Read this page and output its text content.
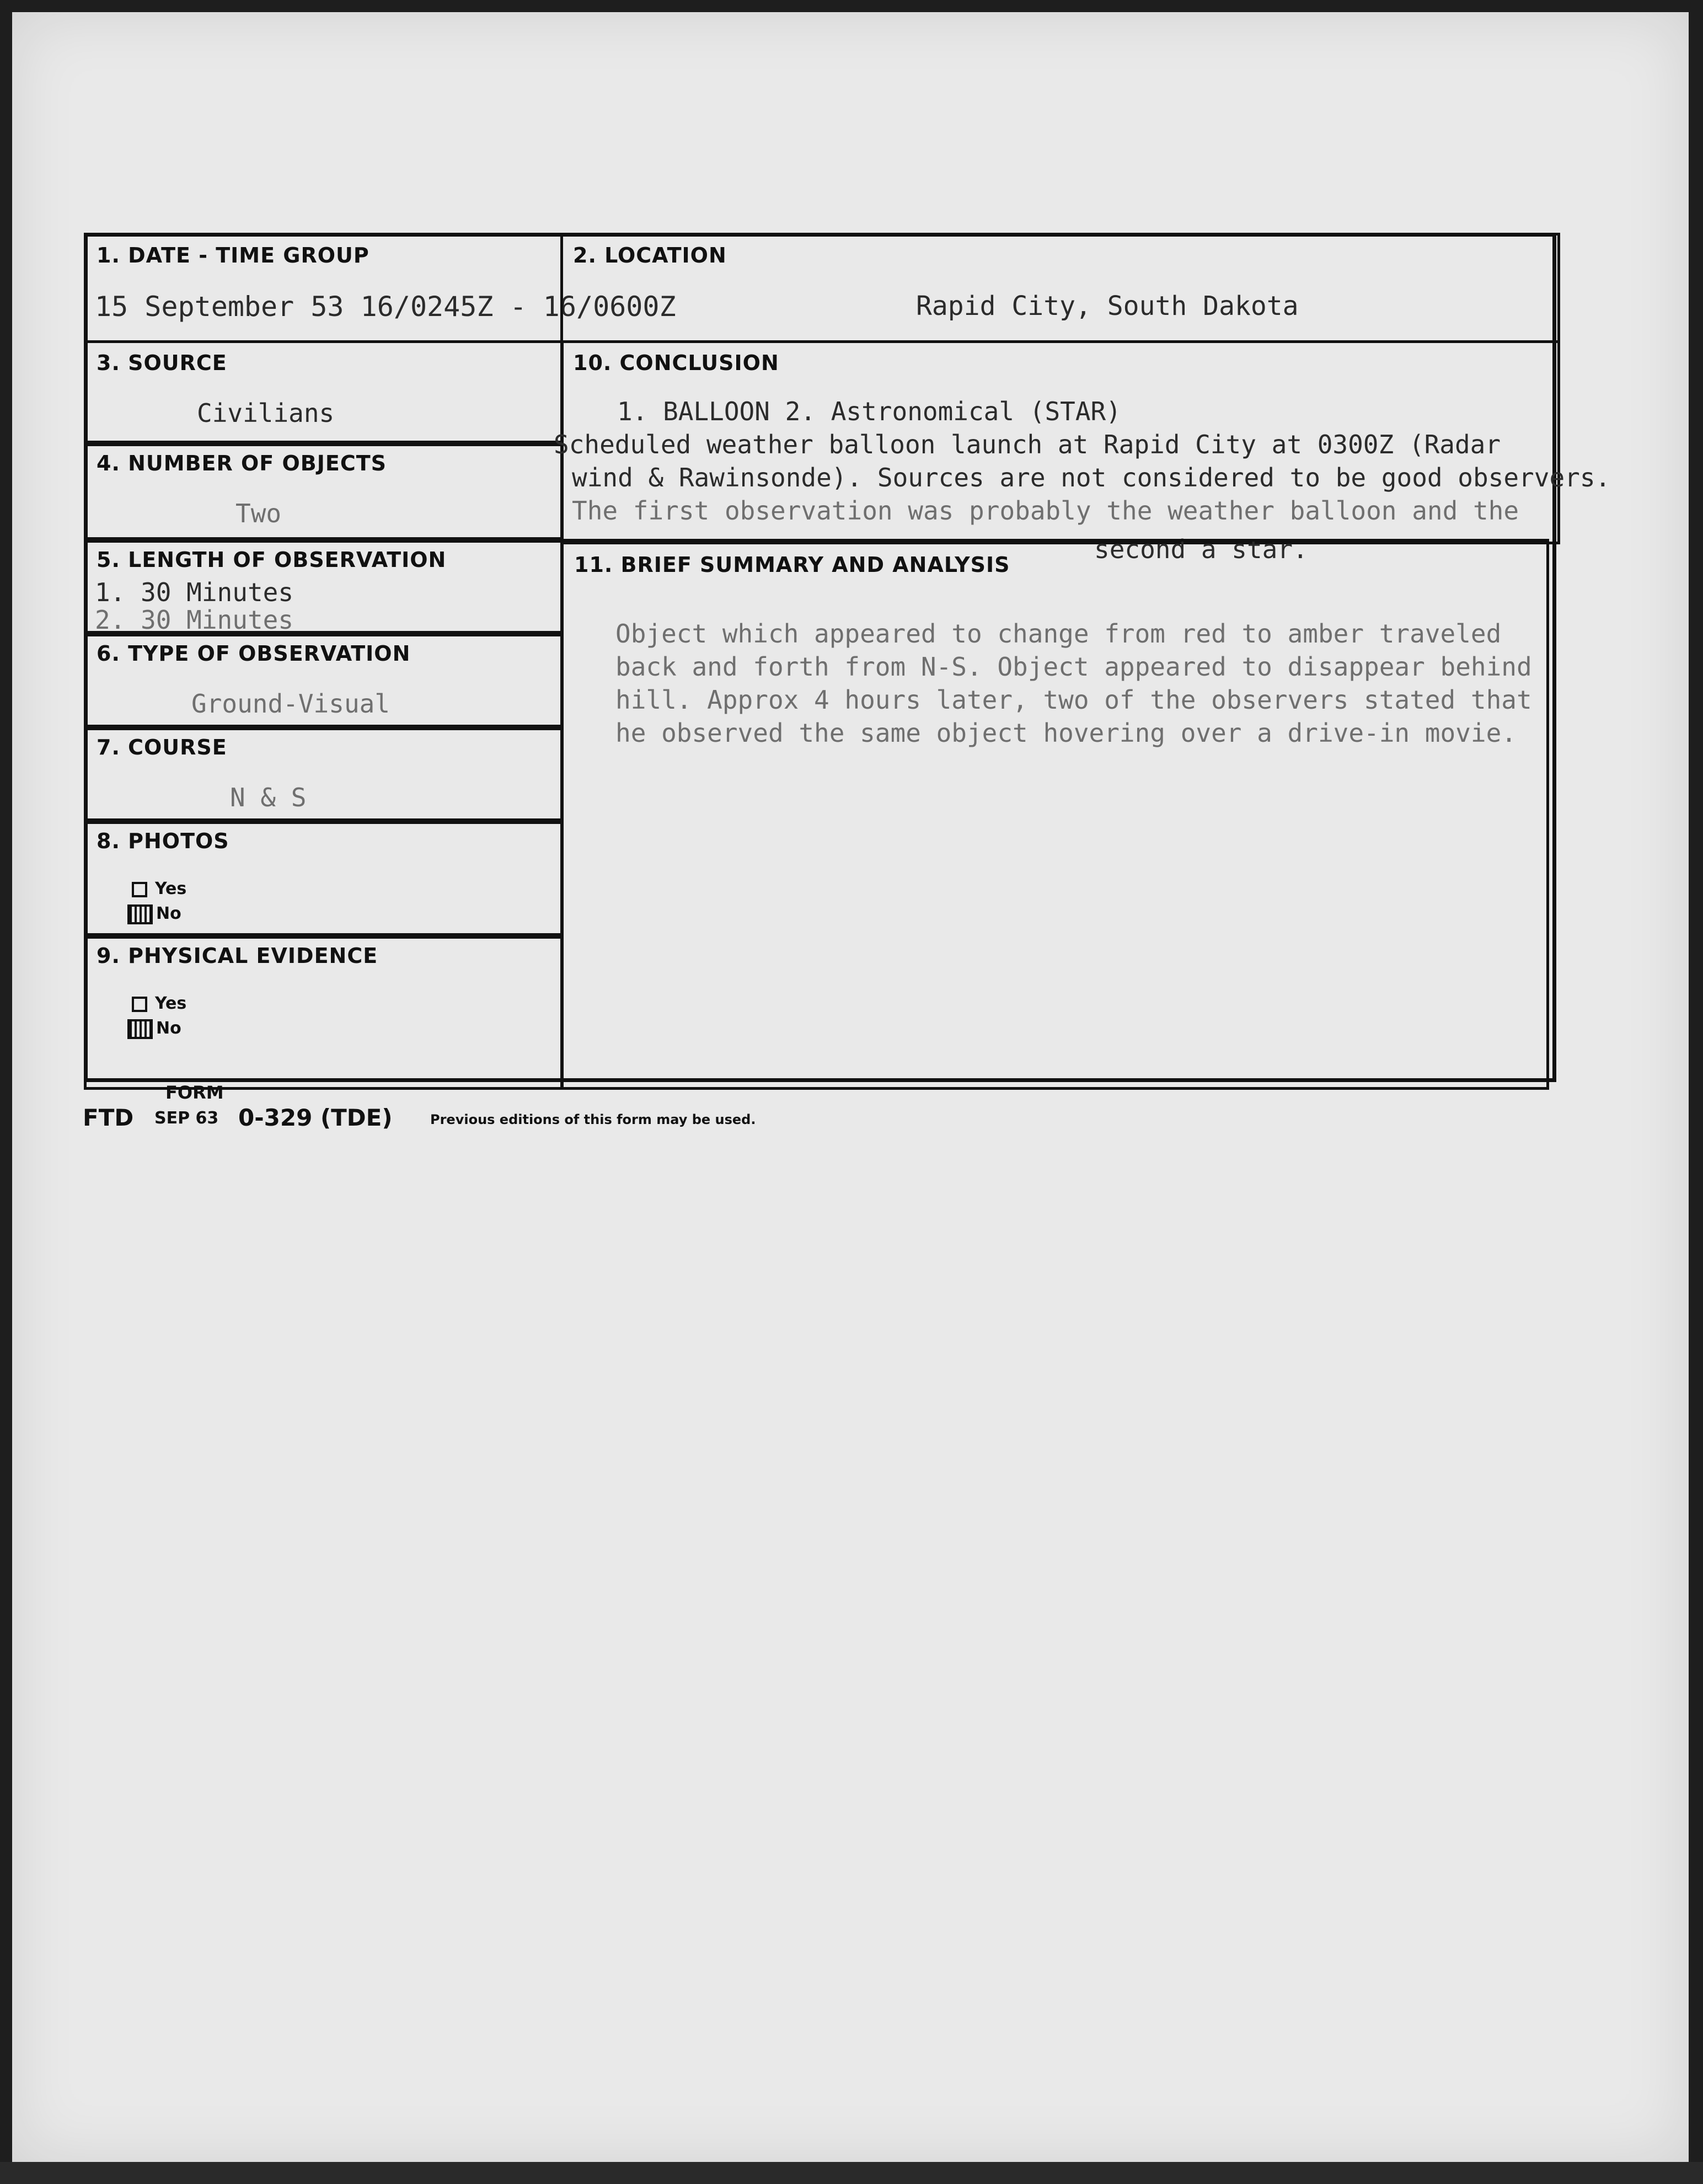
1. DATE - TIME GROUP
15 September 53 16/0245Z - 16/0600Z
2. LOCATION
Rapid City, South Dakota
3. SOURCE
Civilians
4. NUMBER OF OBJECTS
Two
5. LENGTH OF OBSERVATION
1. 30 Minutes
2. 30 Minutes
6. TYPE OF OBSERVATION
Ground-Visual
7. COURSE
N & S
8. PHOTOS
Yes
No
9. PHYSICAL EVIDENCE
Yes
No
10. CONCLUSION
1. BALLOON 2. Astronomical (STAR)
Scheduled weather balloon launch at Rapid City at 0300Z (Radar
wind & Rawinsonde). Sources are not considered to be good observers.
The first observation was probably the weather balloon and the
second a star.
11. BRIEF SUMMARY AND ANALYSIS
Object which appeared to change from red to amber traveled
back and forth from N-S. Object appeared to disappear behind
hill. Approx 4 hours later, two of the observers stated that
he observed the same object hovering over a drive-in movie.
FORM
FTD SEP 63 0-329 (TDE)	Previous editions of this form may be used.
